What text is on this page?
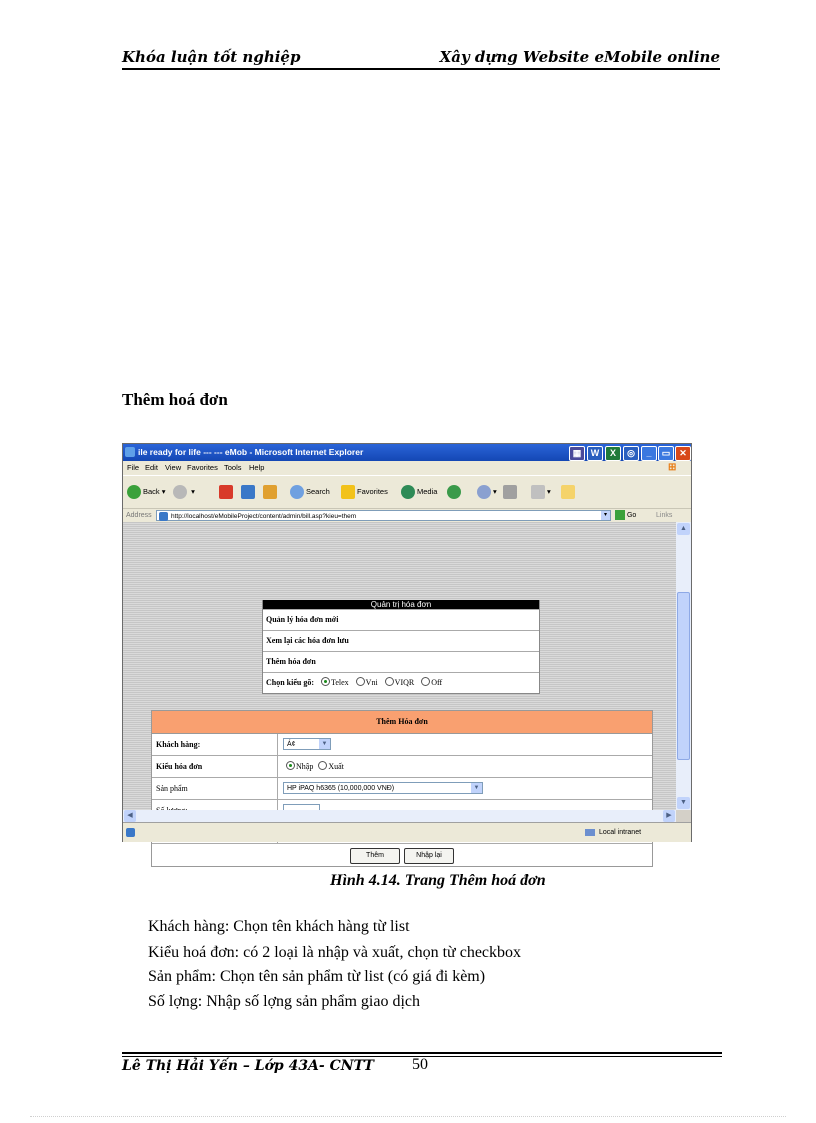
Khóa luận tốt nghiệp	Xây dựng Website eMobile online
Thêm hoá đơn
ile ready for life --- --- eMob - Microsoft Internet Explorer	▦	W	X	◎	_	▭ ✕
File Edit View Favorites Tools Help	⊞
Back ▾	▾	Search	Favorites	Media	▾	▾
Address	http://localhost/eMobileProject/content/admin/bill.asp?kieu=them	▾	Go	Links
Quản trị hóa đơn
Quản lý hóa đơn mới
Xem lại các hóa đơn lưu
Thêm hóa đơn
Chọn kiểu gõ: Telex Vni VIQR Off
Thêm Hóa đơn
Khách hàng:	Á¢	▼
Kiểu hóa đơn	Nhập Xuất
Sản phẩm	HP iPAQ h6365 (10,000,000 VNĐ)	▼
Thêm	Nhập lại
▲
▼
◀	▶
Local intranet
Hình 4.14. Trang Thêm hoá đơn
Khách hàng: Chọn tên khách hàng từ list
Kiểu hoá đơn: có 2 loại là nhập và xuất, chọn từ checkbox
Sản phẩm: Chọn tên sản phẩm từ list (có giá đi kèm)
Số lợng: Nhập số lợng sản phẩm giao dịch
Lê Thị Hải Yến – Lớp 43A- CNTT 50
